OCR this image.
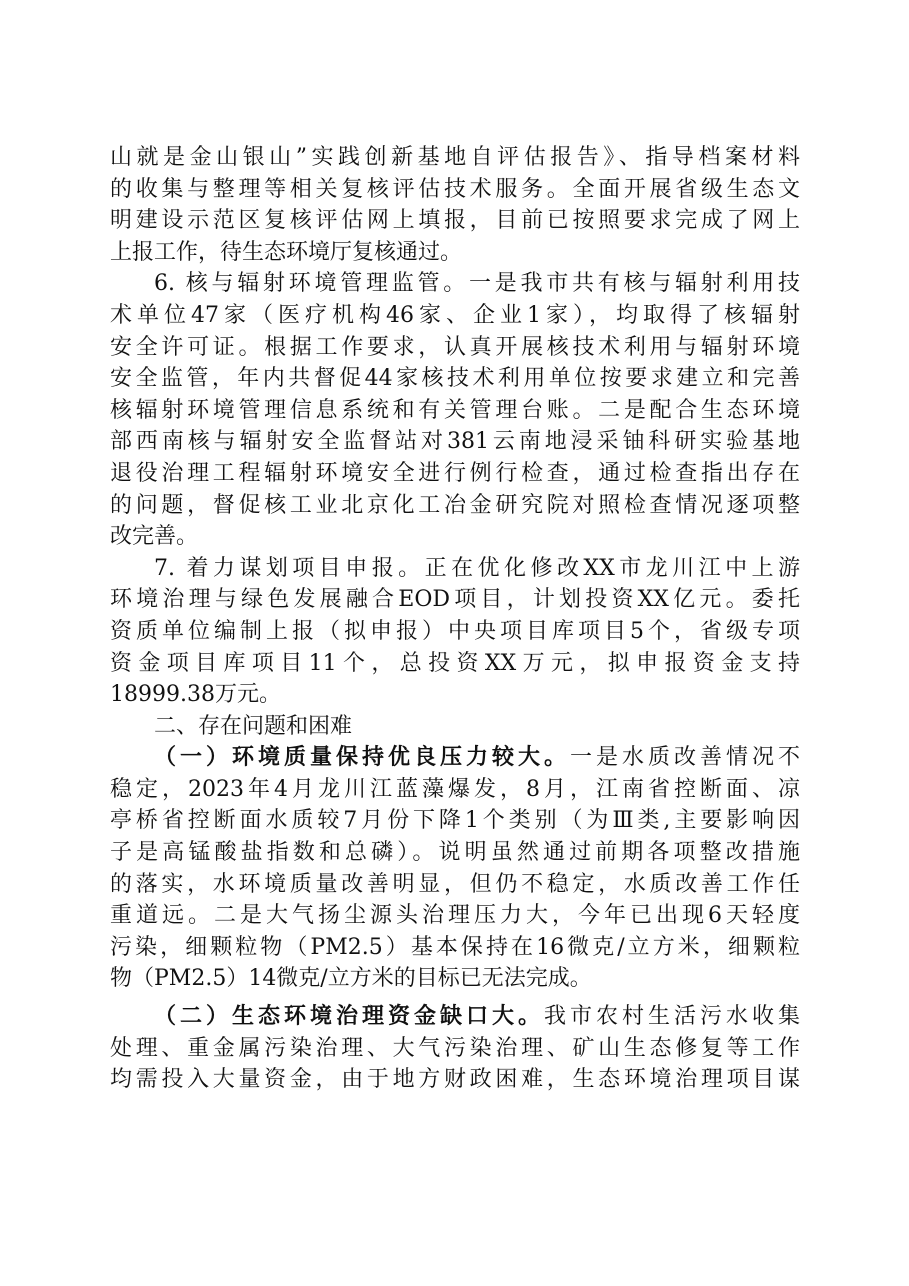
山就是金山银山”实践创新基地自评估报告》、指导档案材料
的收集与整理等相关复核评估技术服务。全面开展省级生态文
明建设示范区复核评估网上填报，目前已按照要求完成了网上
上报工作，待生态环境厅复核通过。
6. 核与辐射环境管理监管。一是我市共有核与辐射利用技
术单位47家（医疗机构46家、企业1家），均取得了核辐射
安全许可证。根据工作要求，认真开展核技术利用与辐射环境
安全监管，年内共督促44家核技术利用单位按要求建立和完善
核辐射环境管理信息系统和有关管理台账。二是配合生态环境
部西南核与辐射安全监督站对381云南地浸采铀科研实验基地
退役治理工程辐射环境安全进行例行检查，通过检查指出存在
的问题，督促核工业北京化工冶金研究院对照检查情况逐项整
改完善。
7. 着力谋划项目申报。正在优化修改XX市龙川江中上游
环境治理与绿色发展融合EOD项目，计划投资XX亿元。委托
资质单位编制上报（拟申报）中央项目库项目5个，省级专项
资金项目库项目11个，总投资XX万元，拟申报资金支持
18999.38万元。
二、存在问题和困难
（一）环境质量保持优良压力较大。一是水质改善情况不
稳定，2023年4月龙川江蓝藻爆发，8月，江南省控断面、凉
亭桥省控断面水质较7月份下降1个类别（为Ⅲ类,主要影响因
子是高锰酸盐指数和总磷）。说明虽然通过前期各项整改措施
的落实，水环境质量改善明显，但仍不稳定，水质改善工作任
重道远。二是大气扬尘源头治理压力大，今年已出现6天轻度
污染，细颗粒物（PM2.5）基本保持在16微克/立方米，细颗粒
物（PM2.5）14微克/立方米的目标已无法完成。
（二）生态环境治理资金缺口大。我市农村生活污水收集
处理、重金属污染治理、大气污染治理、矿山生态修复等工作
均需投入大量资金，由于地方财政困难，生态环境治理项目谋
